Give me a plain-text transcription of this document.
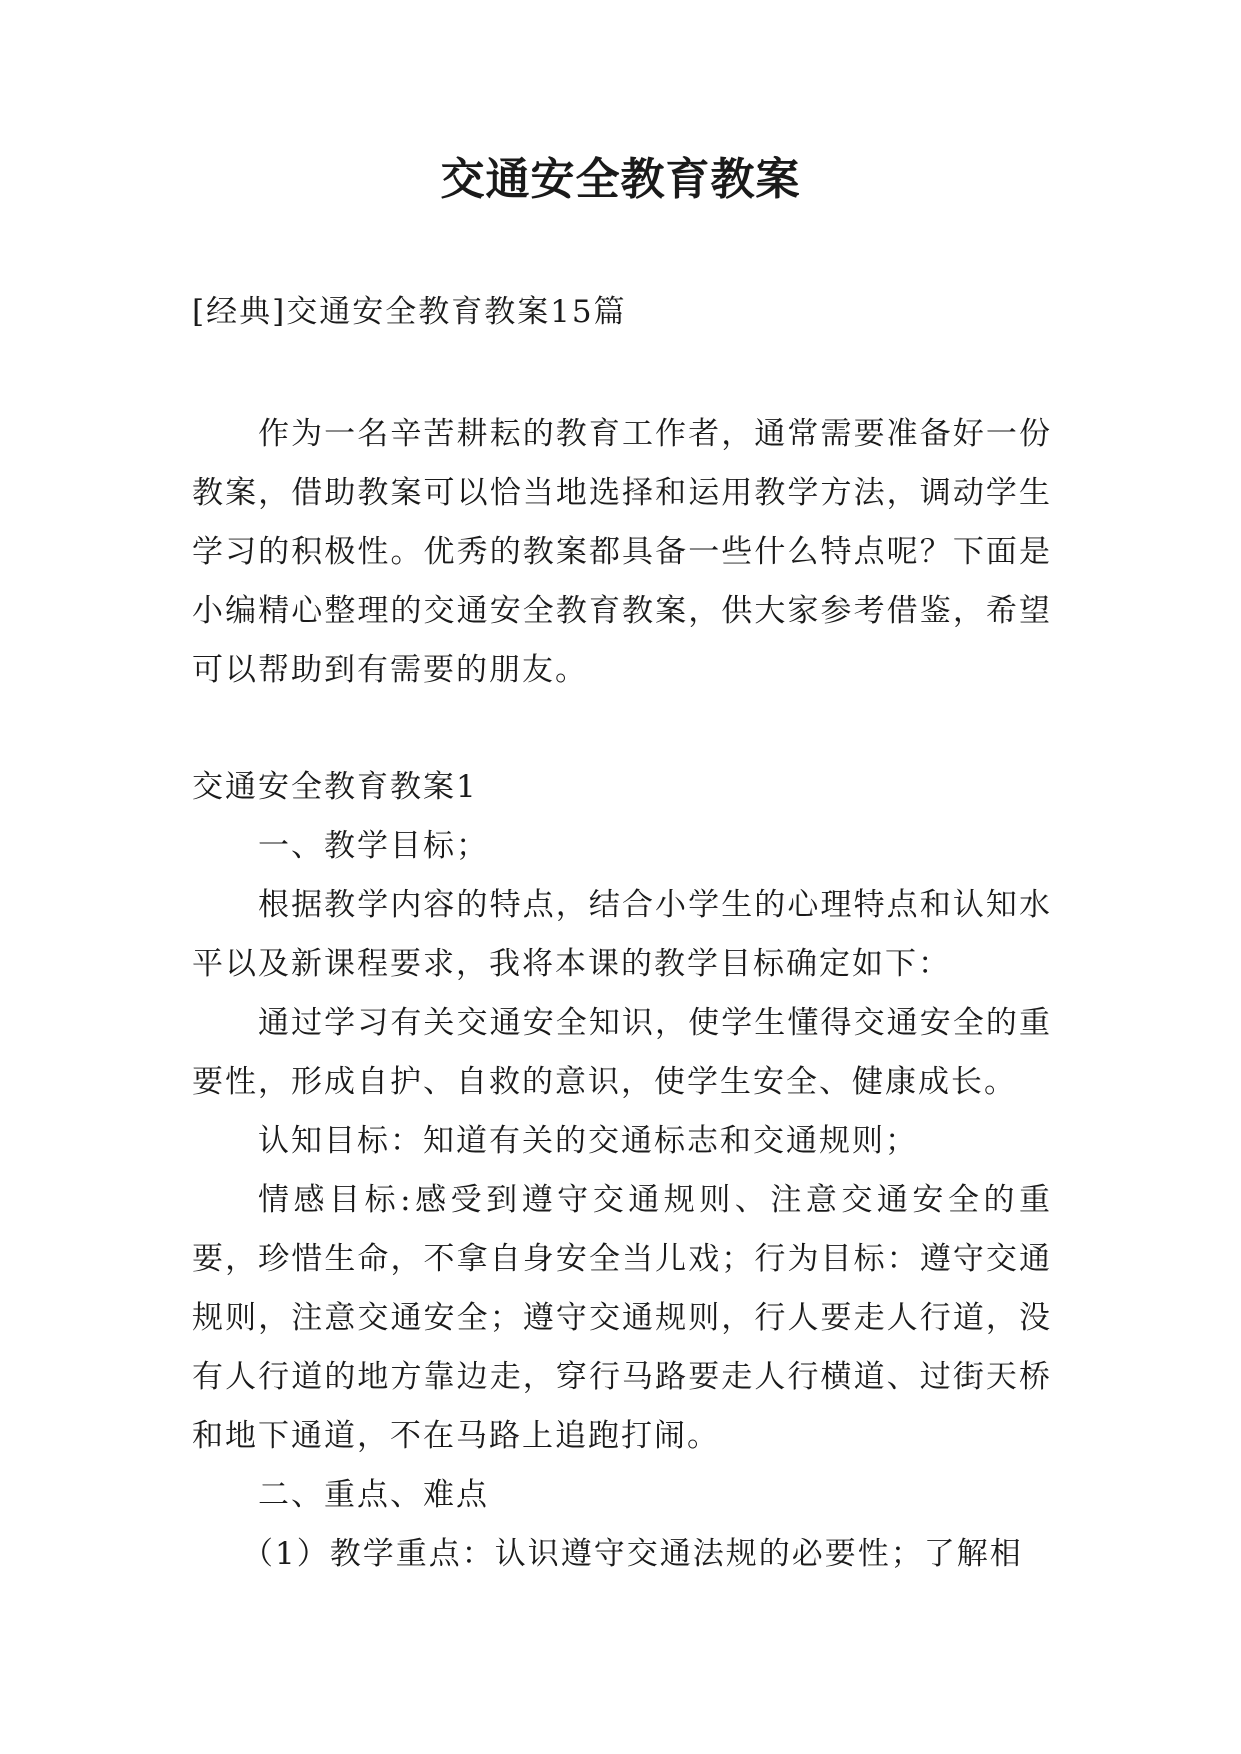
交通安全教育教案
[经典]交通安全教育教案15篇

作为一名辛苦耕耘的教育工作者，通常需要准备好一份教案，借助教案可以恰当地选择和运用教学方法，调动学生学习的积极性。优秀的教案都具备一些什么特点呢？下面是小编精心整理的交通安全教育教案，供大家参考借鉴，希望可以帮助到有需要的朋友。

交通安全教育教案1

一、教学目标；

根据教学内容的特点，结合小学生的心理特点和认知水平以及新课程要求，我将本课的教学目标确定如下：

通过学习有关交通安全知识，使学生懂得交通安全的重要性，形成自护、自救的意识，使学生安全、健康成长。

认知目标：知道有关的交通标志和交通规则；

情感目标:感受到遵守交通规则、注意交通安全的重要，珍惜生命，不拿自身安全当儿戏；行为目标：遵守交通规则，注意交通安全；遵守交通规则，行人要走人行道，没有人行道的地方靠边走，穿行马路要走人行横道、过街天桥和地下通道，不在马路上追跑打闹。

二、重点、难点

（1）教学重点：认识遵守交通法规的必要性；了解相
